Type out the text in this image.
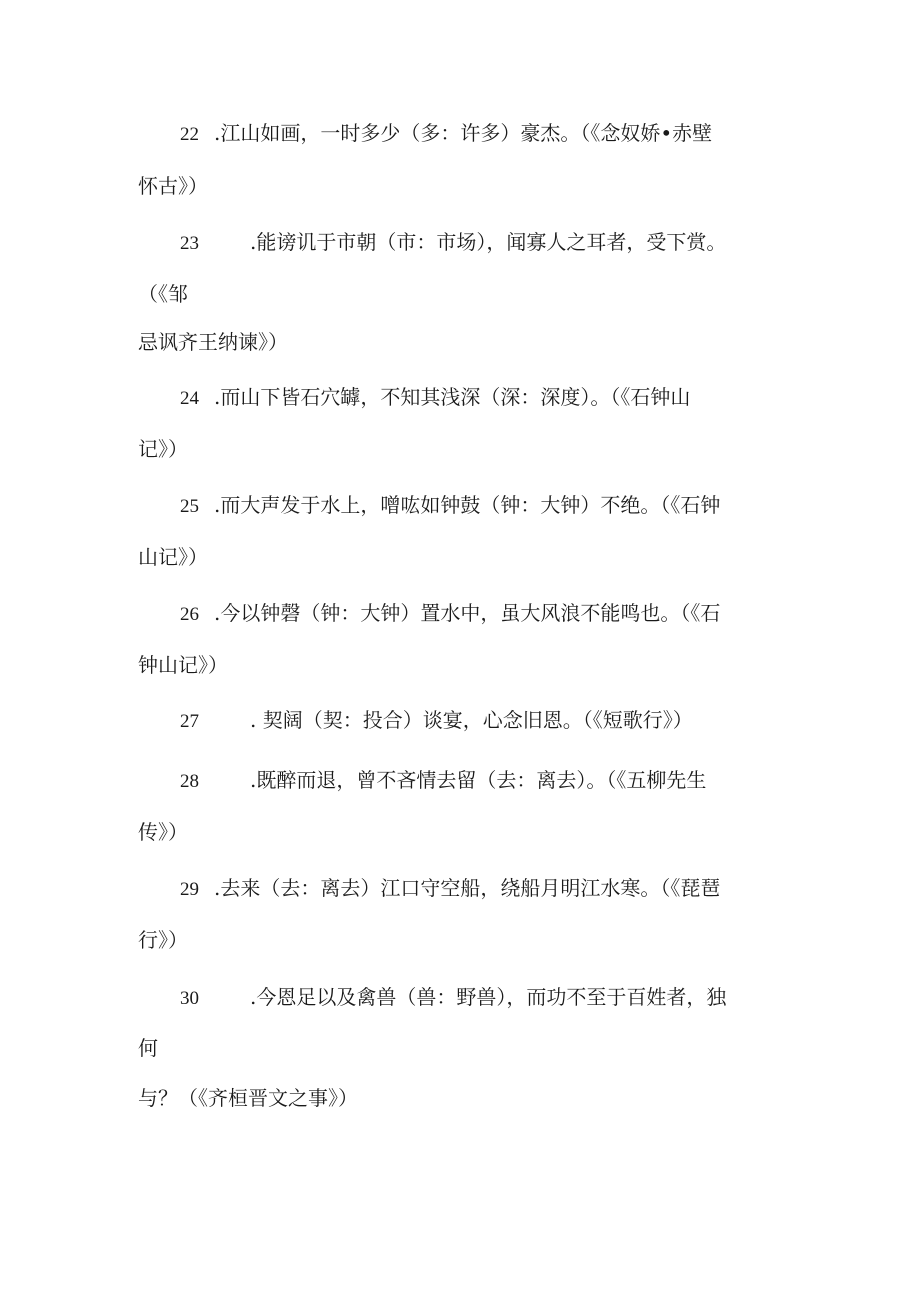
22 .江山如画，一时多少（多：许多）豪杰。（《念奴娇•赤壁
怀古》）
23	.能谤讥于市朝（市：市场），闻寡人之耳者，受下赏。
（《邹
忌讽齐王纳谏》）
24 .而山下皆石穴罅，不知其浅深（深：深度）。（《石钟山
记》）
25 .而大声发于水上，噌吰如钟鼓（钟：大钟）不绝。（《石钟
山记》）
26 .今以钟磬（钟：大钟）置水中，虽大风浪不能鸣也。（《石
钟山记》）
27	. 契阔（契：投合）谈宴，心念旧恩。（《短歌行》）
28	.既醉而退，曾不吝情去留（去：离去）。（《五柳先生
传》）
29 .去来（去：离去）江口守空船，绕船月明江水寒。（《琵琶
行》）
30	.今恩足以及禽兽（兽：野兽），而功不至于百姓者，独
何
与？（《齐桓晋文之事》）
